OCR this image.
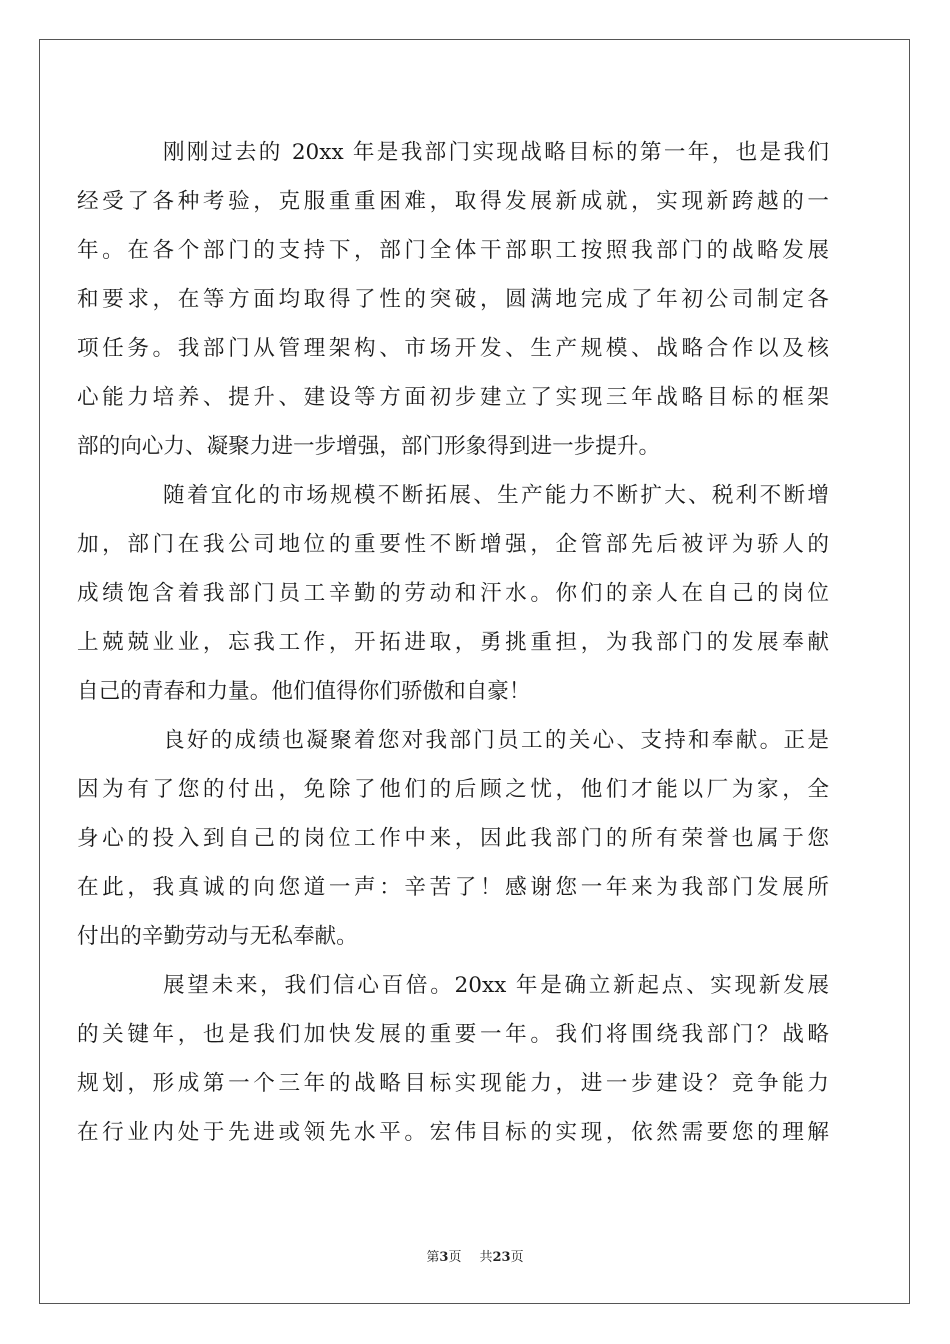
刚刚过去的 20xx 年是我部门实现战略目标的第一年，也是我们
经受了各种考验，克服重重困难，取得发展新成就，实现新跨越的一
年。在各个部门的支持下，部门全体干部职工按照我部门的战略发展
和要求，在等方面均取得了性的突破，圆满地完成了年初公司制定各
项任务。我部门从管理架构、市场开发、生产规模、战略合作以及核
心能力培养、提升、建设等方面初步建立了实现三年战略目标的框架
部的向心力、凝聚力进一步增强，部门形象得到进一步提升。
随着宜化的市场规模不断拓展、生产能力不断扩大、税利不断增
加，部门在我公司地位的重要性不断增强，企管部先后被评为骄人的
成绩饱含着我部门员工辛勤的劳动和汗水。你们的亲人在自己的岗位
上兢兢业业，忘我工作，开拓进取，勇挑重担，为我部门的发展奉献
自己的青春和力量。他们值得你们骄傲和自豪！
良好的成绩也凝聚着您对我部门员工的关心、支持和奉献。正是
因为有了您的付出，免除了他们的后顾之忧，他们才能以厂为家，全
身心的投入到自己的岗位工作中来，因此我部门的所有荣誉也属于您
在此，我真诚的向您道一声：辛苦了！感谢您一年来为我部门发展所
付出的辛勤劳动与无私奉献。
展望未来，我们信心百倍。20xx 年是确立新起点、实现新发展
的关键年，也是我们加快发展的重要一年。我们将围绕我部门？战略
规划，形成第一个三年的战略目标实现能力，进一步建设？竞争能力
在行业内处于先进或领先水平。宏伟目标的实现，依然需要您的理解
第3页 共23页
